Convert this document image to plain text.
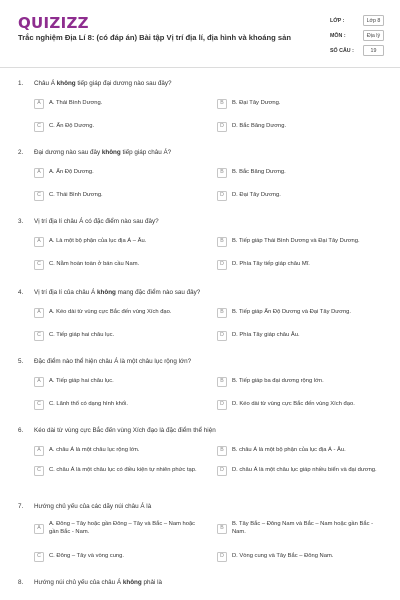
QUIZIZZ
Trắc nghiệm Địa Lí 8: (có đáp án) Bài tập Vị trí địa lí, địa hình và khoáng sản
LỚP :	Lớp 8
MÔN :	Địa lý
SỐ CÂU :	19
1. Châu Á không tiếp giáp đại dương nào sau đây?
A	A. Thái Bình Dương.	B	B. Đại Tây Dương.
C	C. Ấn Độ Dương.	D	D. Bắc Băng Dương.
2. Đại dương nào sau đây không tiếp giáp châu Á?
A	A. Ấn Độ Dương.	B	B. Bắc Băng Dương.
C	C. Thái Bình Dương.	D	D. Đại Tây Dương.
3. Vị trí địa lí châu Á có đặc điểm nào sau đây?
A	A. Là một bộ phận của lục địa Á – Âu.	B	B. Tiếp giáp Thái Bình Dương và Đại Tây Dương.
C	C. Nằm hoàn toàn ở bán cầu Nam.	D	D. Phía Tây tiếp giáp châu Mĩ.
4. Vị trí địa lí của châu Á không mang đặc điểm nào sau đây?
A	A. Kéo dài từ vùng cực Bắc đến vùng Xích đạo.	B	B. Tiếp giáp Ấn Độ Dương và Đại Tây Dương.
C	C. Tiếp giáp hai châu lục.	D	D. Phía Tây giáp châu Âu.
5. Đặc điểm nào thể hiện châu Á là một châu lục rộng lớn?
A	A. Tiếp giáp hai châu lục.	B	B. Tiếp giáp ba đại dương rộng lớn.
C	C. Lãnh thổ có dạng hình khối.	D	D. Kéo dài từ vùng cực Bắc đến vùng Xích đạo.
6. Kéo dài từ vùng cực Bắc đến vùng Xích đạo là đặc điểm thể hiện
A	A. châu Á là một châu lục rộng lớn.	B	B. châu Á là một bộ phận của lục địa Á - Âu.
C	C. châu Á là một châu lục có điều kiện tự nhiên phức tạp.	D	D. châu Á là một châu lục giáp nhiều biển và đại dương.
7. Hướng chủ yếu của các dãy núi châu Á là
A
A. Đông – Tây hoặc gần Đông – Tây và Bắc – Nam hoặc gần Bắc - Nam.
B
B. Tây Bắc – Đông Nam và Bắc – Nam hoặc gần Bắc - Nam.
C	C. Đông – Tây và vòng cung.	D	D. Vòng cung và Tây Bắc – Đông Nam.
8. Hướng núi chủ yếu của châu Á không phải là
